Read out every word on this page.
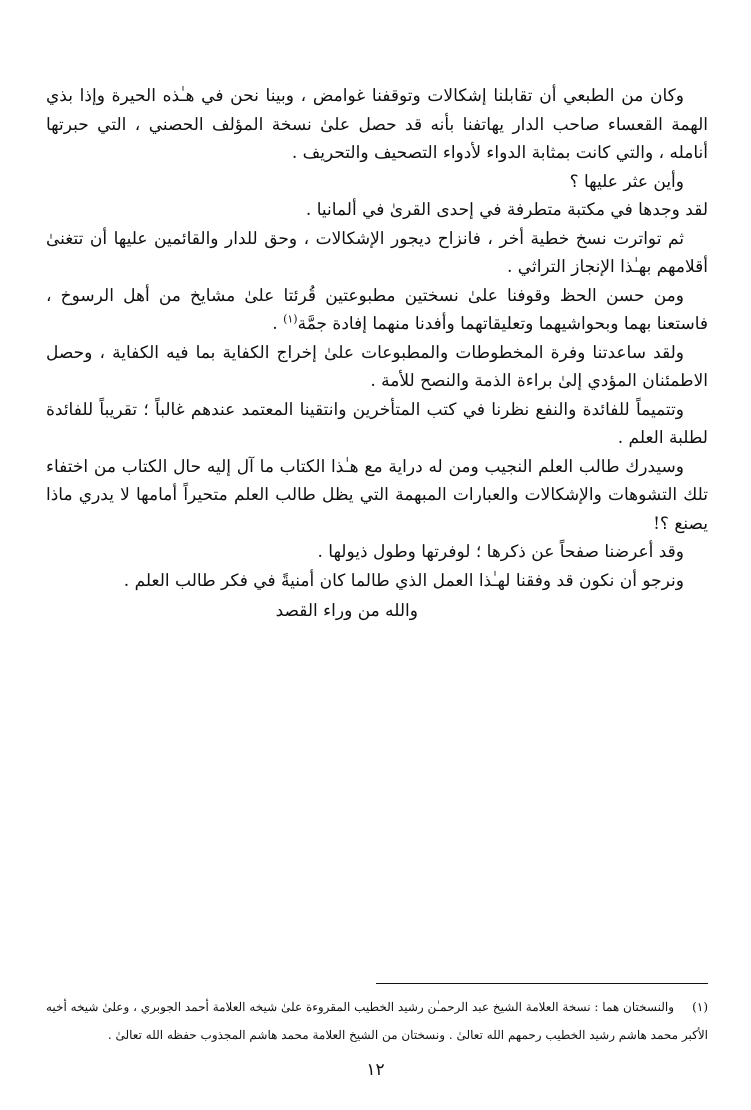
وكان من الطبعي أن تقابلنا إشكالات وتوقفنا غوامض ، وبينا نحن في هـٰذه الحيرة وإذا بذي الهمة القعساء صاحب الدار يهاتفنا بأنه قد حصل علىٰ نسخة المؤلف الحصني ، التي حبرتها أنامله ، والتي كانت بمثابة الدواء لأدواء التصحيف والتحريف .

وأين عثر عليها ؟

لقد وجدها في مكتبة متطرفة في إحدى القرىٰ في ألمانيا .

ثم تواترت نسخ خطية أخر ، فانزاح ديجور الإشكالات ، وحق للدار والقائمين عليها أن تتغنىٰ أقلامهم بهـٰذا الإنجاز التراثي .

ومن حسن الحظ وقوفنا علىٰ نسختين مطبوعتين قُرئتا علىٰ مشايخ من أهل الرسوخ ، فاستعنا بهما وبحواشيهما وتعليقاتهما وأفدنا منهما إفادة جمَّة$^{(١)}$ .

ولقد ساعدتنا وفرة المخطوطات والمطبوعات علىٰ إخراج الكفاية بما فيه الكفاية ، وحصل الاطمئنان المؤدي إلىٰ براءة الذمة والنصح للأمة .

وتتميماً للفائدة والنفع نظرنا في كتب المتأخرين وانتقينا المعتمد عندهم غالباً ؛ تقريباً للفائدة لطلبة العلم .

وسيدرك طالب العلم النجيب ومن له دراية مع هـٰذا الكتاب ما آل إليه حال الكتاب من اختفاء تلك التشوهات والإشكالات والعبارات المبهمة التي يظل طالب العلم متحيراً أمامها لا يدري ماذا يصنع ؟!

وقد أعرضنا صفحاً عن ذكرها ؛ لوفرتها وطول ذيولها .

ونرجو أن نكون قد وفقنا لهـٰذا العمل الذي طالما كان أمنيةً في فكر طالب العلم .

والله من وراء القصد

(١)والنسختان هما : نسخة العلامة الشيخ عبد الرحمـٰن رشيد الخطيب المقروءة علىٰ شيخه العلامة أحمد الجوبري ، وعلىٰ شيخه أخيه الأكبر محمد هاشم رشيد الخطيب رحمهم الله تعالىٰ . ونسختان من الشيخ العلامة محمد هاشم المجذوب حفظه الله تعالىٰ .

١٢
